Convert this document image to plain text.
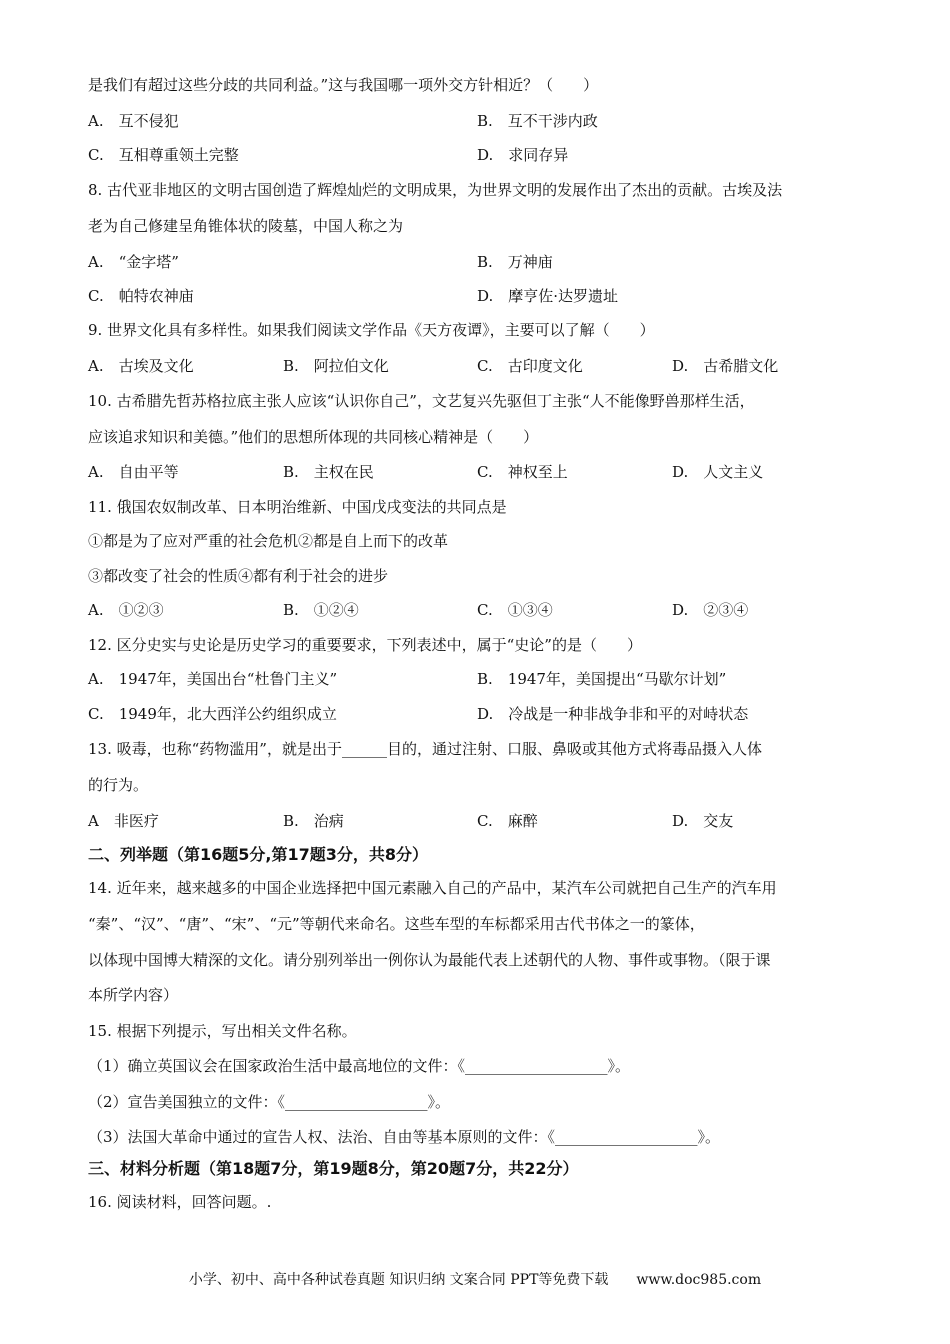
是我们有超过这些分歧的共同利益。”这与我国哪一项外交方针相近？（　　）
A.　互不侵犯	B.　互不干涉内政
C.　互相尊重领土完整	D.　求同存异
8. 古代亚非地区的文明古国创造了辉煌灿烂的文明成果，为世界文明的发展作出了杰出的贡献。古埃及法
老为自己修建呈角锥体状的陵墓，中国人称之为
A.　“金字塔”	B.　万神庙
C.　帕特农神庙	D.　摩亨佐·达罗遗址
9. 世界文化具有多样性。如果我们阅读文学作品《天方夜谭》，主要可以了解（　　）
A.　古埃及文化	B.　阿拉伯文化	C.　古印度文化	D.　古希腊文化
10. 古希腊先哲苏格拉底主张人应该“认识你自己”，文艺复兴先驱但丁主张“人不能像野兽那样生活，
应该追求知识和美德。”他们的思想所体现的共同核心精神是（　　）
A.　自由平等	B.　主权在民	C.　神权至上	D.　人文主义
11. 俄国农奴制改革、日本明治维新、中国戊戌变法的共同点是
①都是为了应对严重的社会危机②都是自上而下的改革
③都改变了社会的性质④都有利于社会的进步
A.　①②③	B.　①②④	C.　①③④	D.　②③④
12. 区分史实与史论是历史学习的重要要求，下列表述中，属于“史论”的是（　　）
A.　1947年，美国出台“杜鲁门主义”	B.　1947年，美国提出“马歇尔计划”
C.　1949年，北大西洋公约组织成立	D.　冷战是一种非战争非和平的对峙状态
13. 吸毒，也称“药物滥用”，就是出于______目的，通过注射、口服、鼻吸或其他方式将毒品摄入人体
的行为。
A　非医疗	B.　治病	C.　麻醉	D.　交友
二、列举题（第16题5分,第17题3分，共8分）
14. 近年来，越来越多的中国企业选择把中国元素融入自己的产品中，某汽车公司就把自己生产的汽车用
“秦”、“汉”、“唐”、“宋”、“元”等朝代来命名。这些车型的车标都采用古代书体之一的篆体，
以体现中国博大精深的文化。请分别列举出一例你认为最能代表上述朝代的人物、事件或事物。（限于课
本所学内容）
15. 根据下列提示，写出相关文件名称。
（1）确立英国议会在国家政治生活中最高地位的文件：《___________________》。
（2）宣告美国独立的文件：《___________________》。
（3）法国大革命中通过的宣告人权、法治、自由等基本原则的文件：《___________________》。
三、材料分析题（第18题7分，第19题8分，第20题7分，共22分）
16. 阅读材料，回答问题。.
小学、初中、高中各种试卷真题 知识归纳 文案合同 PPT等免费下载　　www.doc985.com
